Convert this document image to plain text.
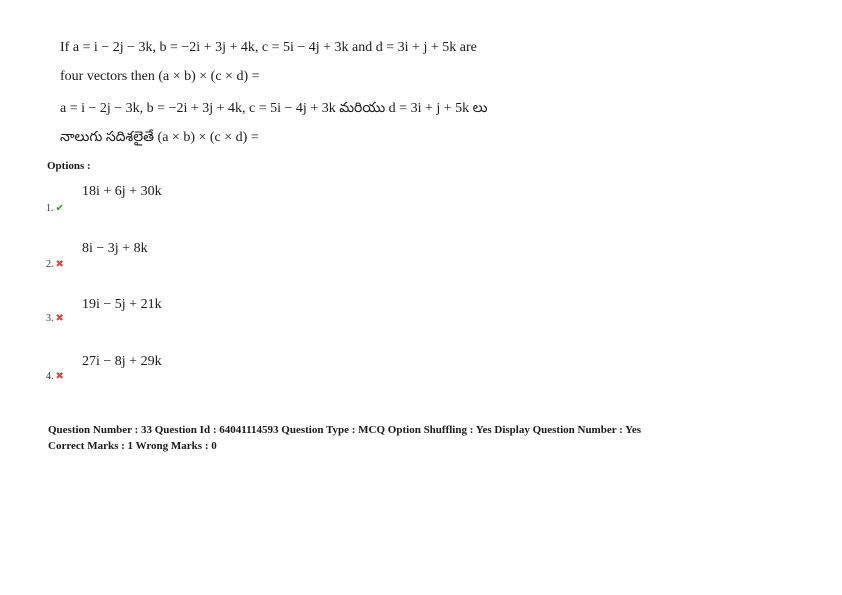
If a = i − 2j − 3k, b = −2i + 3j + 4k, c = 5i − 4j + 3k and d = 3i + j + 5k are
four vectors then (a × b) × (c × d) =
a = i − 2j − 3k, b = −2i + 3j + 4k, c = 5i − 4j + 3k మరియు d = 3i + j + 5k లు
నాలుగు సదిశలైతే (a × b) × (c × d) =
Options :
18i + 6j + 30k
1. ✔
8i − 3j + 8k
2. ✖
19i − 5j + 21k
3. ✖
27i − 8j + 29k
4. ✖
Question Number : 33 Question Id : 64041114593 Question Type : MCQ Option Shuffling : Yes Display Question Number : Yes
Correct Marks : 1 Wrong Marks : 0
